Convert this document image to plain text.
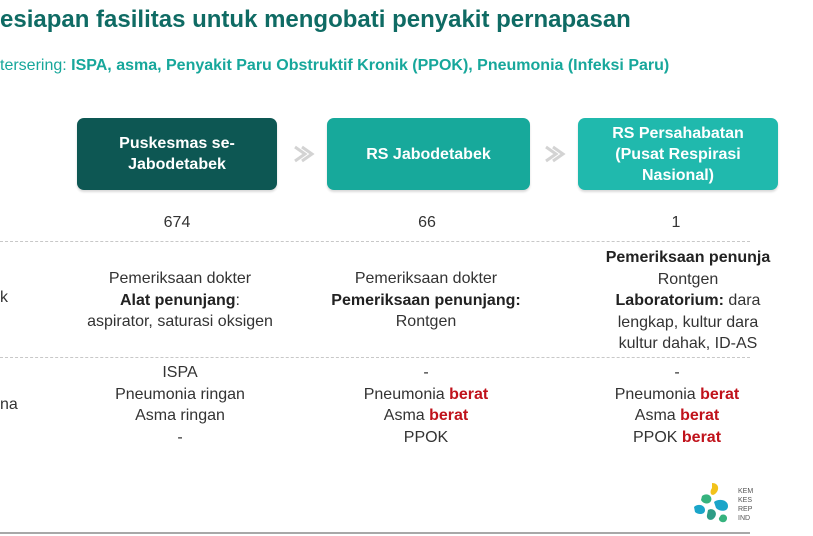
esiapan fasilitas untuk mengobati penyakit pernapasan
tersering: ISPA, asma, Penyakit Paru Obstruktif Kronik (PPOK), Pneumonia (Infeksi Paru)
Puskesmas se-
Jabodetabek
RS Jabodetabek
RS Persahabatan
(Pusat Respirasi
Nasional)
674	66	1
k
Pemeriksaan dokter
Alat penunjang:
aspirator, saturasi oksigen
Pemeriksaan dokter
Pemeriksaan penunjang:
Rontgen
Pemeriksaan penunja
Rontgen
Laboratorium: dara
lengkap, kultur dara
kultur dahak, ID-AS
na
ISPA
Pneumonia ringan
Asma ringan
-
-
Pneumonia berat
Asma berat
PPOK
-
Pneumonia berat
Asma berat
PPOK berat
KEM
KES
REP
IND
